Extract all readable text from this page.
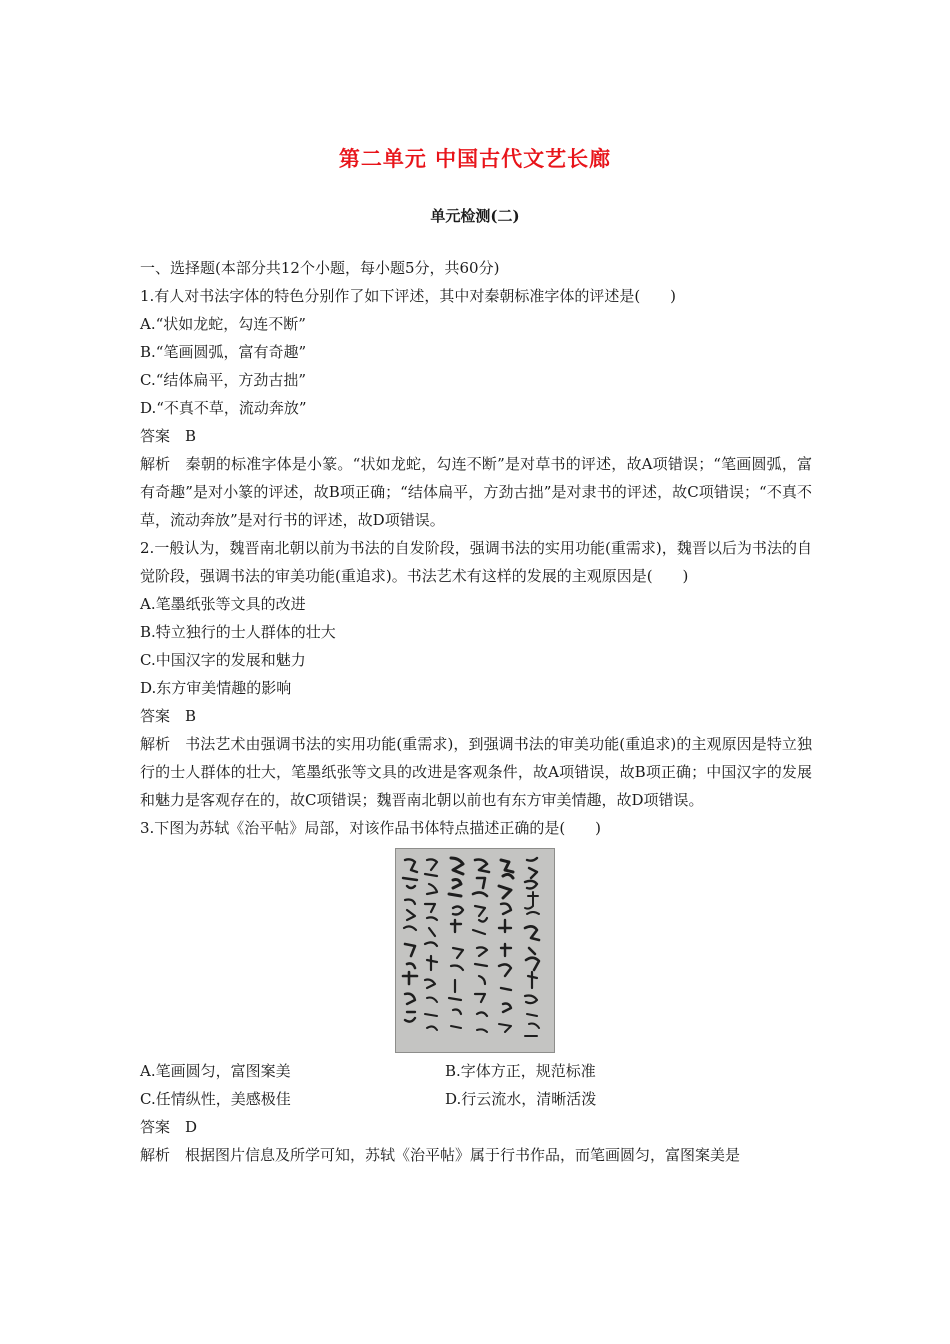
第二单元 中国古代文艺长廊
单元检测(二)
一、选择题(本部分共12个小题，每小题5分，共60分)
1.有人对书法字体的特色分别作了如下评述，其中对秦朝标准字体的评述是(　　)
A.“状如龙蛇，勾连不断”
B.“笔画圆弧，富有奇趣”
C.“结体扁平，方劲古拙”
D.“不真不草，流动奔放”
答案　B
解析　秦朝的标准字体是小篆。“状如龙蛇，勾连不断”是对草书的评述，故A项错误；“笔画圆弧，富有奇趣”是对小篆的评述，故B项正确；“结体扁平，方劲古拙”是对隶书的评述，故C项错误；“不真不草，流动奔放”是对行书的评述，故D项错误。
2.一般认为，魏晋南北朝以前为书法的自发阶段，强调书法的实用功能(重需求)，魏晋以后为书法的自觉阶段，强调书法的审美功能(重追求)。书法艺术有这样的发展的主观原因是(　　)
A.笔墨纸张等文具的改进
B.特立独行的士人群体的壮大
C.中国汉字的发展和魅力
D.东方审美情趣的影响
答案　B
解析　书法艺术由强调书法的实用功能(重需求)，到强调书法的审美功能(重追求)的主观原因是特立独行的士人群体的壮大，笔墨纸张等文具的改进是客观条件，故A项错误，故B项正确；中国汉字的发展和魅力是客观存在的，故C项错误；魏晋南北朝以前也有东方审美情趣，故D项错误。
3.下图为苏轼《治平帖》局部，对该作品书体特点描述正确的是(　　)
A.笔画圆匀，富图案美	B.字体方正，规范标准
C.任情纵性，美感极佳	D.行云流水，清晰活泼
答案　D
解析　根据图片信息及所学可知，苏轼《治平帖》属于行书作品，而笔画圆匀，富图案美是
